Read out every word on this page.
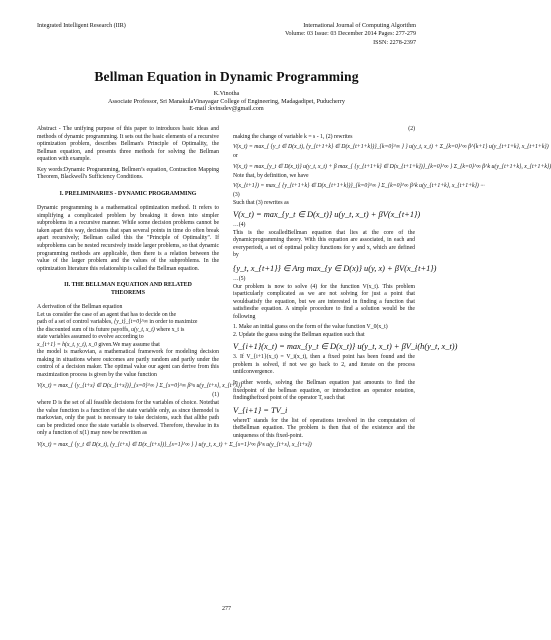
Integrated Intelligent Research (IIR)	International Journal of Computing Algorithm
Volume: 03 Issue: 03 December 2014 Pages: 277-279
ISSN: 2278-2397
Bellman Equation in Dynamic Programming
K.Vinotha
Associate Professor, Sri ManakulaVinayagar College of Engineering, Madagadipet, Puducherry
E-mail :kvinsdev@gmail.com

Abstract - The unifying purpose of this paper to introduces basic ideas and methods of dynamic programming. It sets out the basic elements of a recursive optimization problem, describes Bellman's Principle of Optimality, the Bellman equation, and presents three methods for solving the Bellman equation with example.

Key words:Dynamic Programming, Bellmen’s equation, Contraction Mapping Theorem, Blackwell's Sufficiency Conditions.

I. PRELIMINARIES - DYNAMIC PROGRAMMING

Dynamic programming is a mathematical optimization method. It refers to simplifying a complicated problem by breaking it down into simpler subproblems in a recursive manner. While some decision problems cannot be taken apart this way, decisions that span several points in time do often break apart recursively; Bellman called this the "Principle of Optimality". If subproblems can be nested recursively inside larger problems, so that dynamic programming methods are applicable, then there is a relation between the value of the larger problem and the values of the subproblems. In the optimization literature this relationship is called the Bellman equation.

II. THE BELLMAN EQUATION AND RELATED
THEOREMS

A derivation of the Bellman equation

Let us consider the case of an agent that has to decide on the

path of a set of control variables, {y_t}_{t=0}^∞ in order to maximize

the discounted sum of its future payoffs, u(y_t, x_t) where x_t is

state variables assumed to evolve according to

x_{t+1} = h(x_t, y_t), x_0 given.We may assume that

the model is markovian, a mathematical framework for modeling decision making in situations where outcomes are partly random and partly under the control of a decision maker. The optimal value our agent can derive from this maximization process is given by the value function

V(x_t) = max_{ {y_{t+s} ∈ D(x_{t+s})}_{s=0}^∞ } Σ_{s=0}^∞ β^s u(y_{t+s}, x_{t+s})
(1)

where D is the set of all feasible decisions for the variables of choice. Notethat the value function is a function of the state variable only, as since themodel is markovian, only the past is necessary to take decisions, such that allthe path can be predicted once the state variable is observed. Therefore, thevalue in its only a function of x(1) may now be rewritten as

V(x_t) = max_{ {y_t ∈ D(x_t), {y_{t+s} ∈ D(x_{t+s})}_{s=1}^∞ } } u(y_t, x_t) + Σ_{s=1}^∞ β^s u(y_{t+s}, x_{t+s})
(2)

making the change of variable k = s - 1, (2) rewrites

V(x_t) = max_{ {y_t ∈ D(x_t), {y_{t+1+k} ∈ D(x_{t+1+k})}_{k=0}^∞ } } u(y_t, x_t) + Σ_{k=0}^∞ β^{k+1} u(y_{t+1+k}, x_{t+1+k})
or
V(x_t) = max_{y_t ∈ D(x_t)} u(y_t, x_t) + β max_{ {y_{t+1+k} ∈ D(x_{t+1+k})}_{k=0}^∞ } Σ_{k=0}^∞ β^k u(y_{t+1+k}, x_{t+1+k})

Note that, by definition, we have

V(x_{t+1}) = max_{ {y_{t+1+k} ∈ D(x_{t+1+k})}_{k=0}^∞ } Σ_{k=0}^∞ β^k u(y_{t+1+k}, x_{t+1+k}) ···
(3)
Such that (3) rewrites as
V(x_t) = max_{y_t ∈ D(x_t)} u(y_t, x_t) + βV(x_{t+1})
…(4)

This is the socalledBellman equation that lies at the core of the dynamicprogramming theory. With this equation are associated, in each and everyperiodt, a set of optimal policy functions for y and x, which are defined by

{y_t, x_{t+1}} ∈ Arg max_{y ∈ D(x)} u(y, x) + βV(x_{t+1})
…(5)

Our problem is now to solve (4) for the function V(x_t). This problem isparticularly complicated as we are not solving for just a point that wouldsatisfy the equation, but we are interested in finding a function that satisfiesthe equation. A simple procedure to find a solution would be the following

1. Make an initial guess on the form of the value function V_0(x_t)

2. Update the guess using the Bellman equation such that

V_{i+1}(x_t) = max_{y_t ∈ D(x_t)} u(y_t, x_t) + βV_i(h(y_t, x_t))

3. If V_{i+1}(x_t) = V_i(x_t), then a fixed point has been found and the problem is solved, if not we go back to 2, and iterate on the process untilconvergence.

In other words, solving the Bellman equation just amounts to find the fixedpoint of the bellman equation, or introduction an operator notation, findingthefixed point of the operator T, such that

V_{i+1} = TV_i

whereT stands for the list of operations involved in the computation of theBellman equation. The problem is then that of the existence and the uniqueness of this fixed-point.

277
